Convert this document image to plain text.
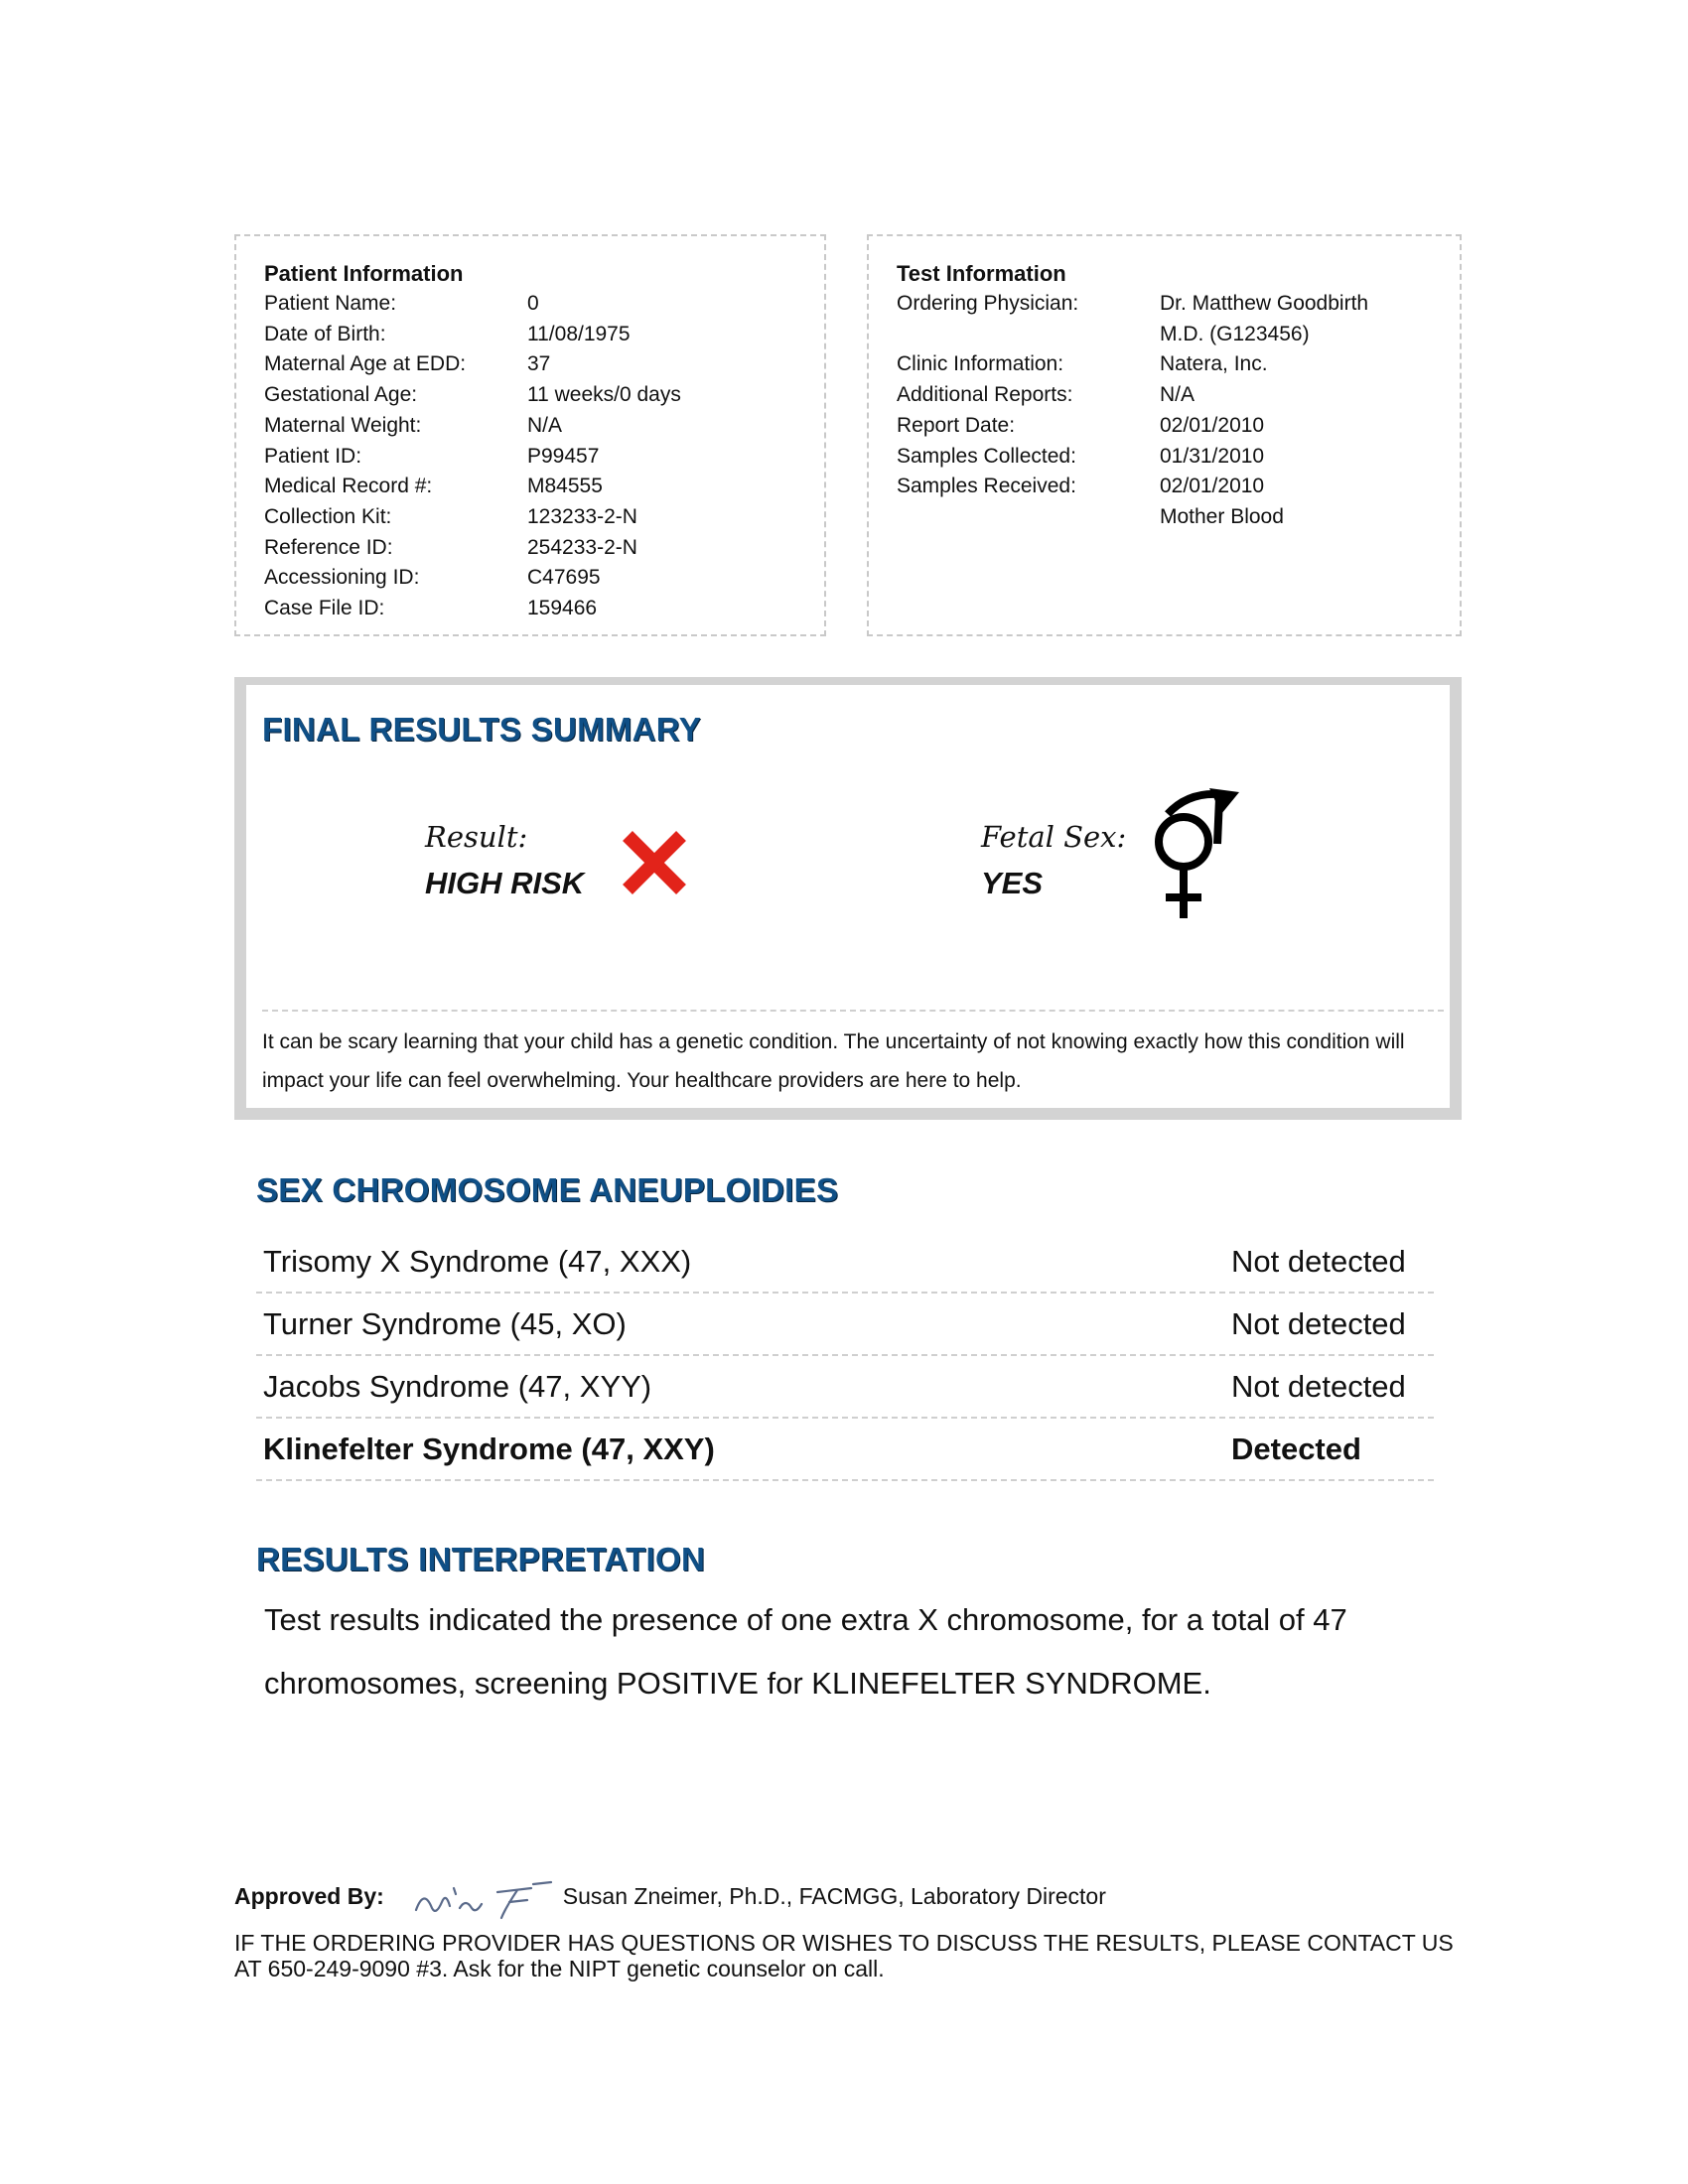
Patient Information
Patient Name:	0
Date of Birth:	11/08/1975
Maternal Age at EDD:	37
Gestational Age:	11 weeks/0 days
Maternal Weight:	N/A
Patient ID:	P99457
Medical Record #:	M84555
Collection Kit:	123233-2-N
Reference ID:	254233-2-N
Accessioning ID:	C47695
Case File ID:	159466
Test Information
Ordering Physician:	Dr. Matthew Goodbirth
M.D. (G123456)
Clinic Information:	Natera, Inc.
Additional Reports:	N/A
Report Date:	02/01/2010
Samples Collected:	01/31/2010
Samples Received:	02/01/2010
Mother Blood
FINAL RESULTS SUMMARY
Result:
HIGH RISK
Fetal Sex:
YES

It can be scary learning that your child has a genetic condition. The uncertainty of not knowing exactly how this condition will impact your life can feel overwhelming. Your healthcare providers are here to help.

SEX CHROMOSOME ANEUPLOIDIES
Trisomy X Syndrome (47, XXX)	Not detected
Turner Syndrome (45, XO)	Not detected
Jacobs Syndrome (47, XYY)	Not detected
Klinefelter Syndrome (47, XXY)	Detected
RESULTS INTERPRETATION

Test results indicated the presence of one extra X chromosome, for a total of 47 chromosomes, screening POSITIVE for KLINEFELTER SYNDROME.

Approved By:	Susan Zneimer, Ph.D., FACMGG, Laboratory Director

IF THE ORDERING PROVIDER HAS QUESTIONS OR WISHES TO DISCUSS THE RESULTS, PLEASE CONTACT US AT 650-249-9090 #3. Ask for the NIPT genetic counselor on call.
